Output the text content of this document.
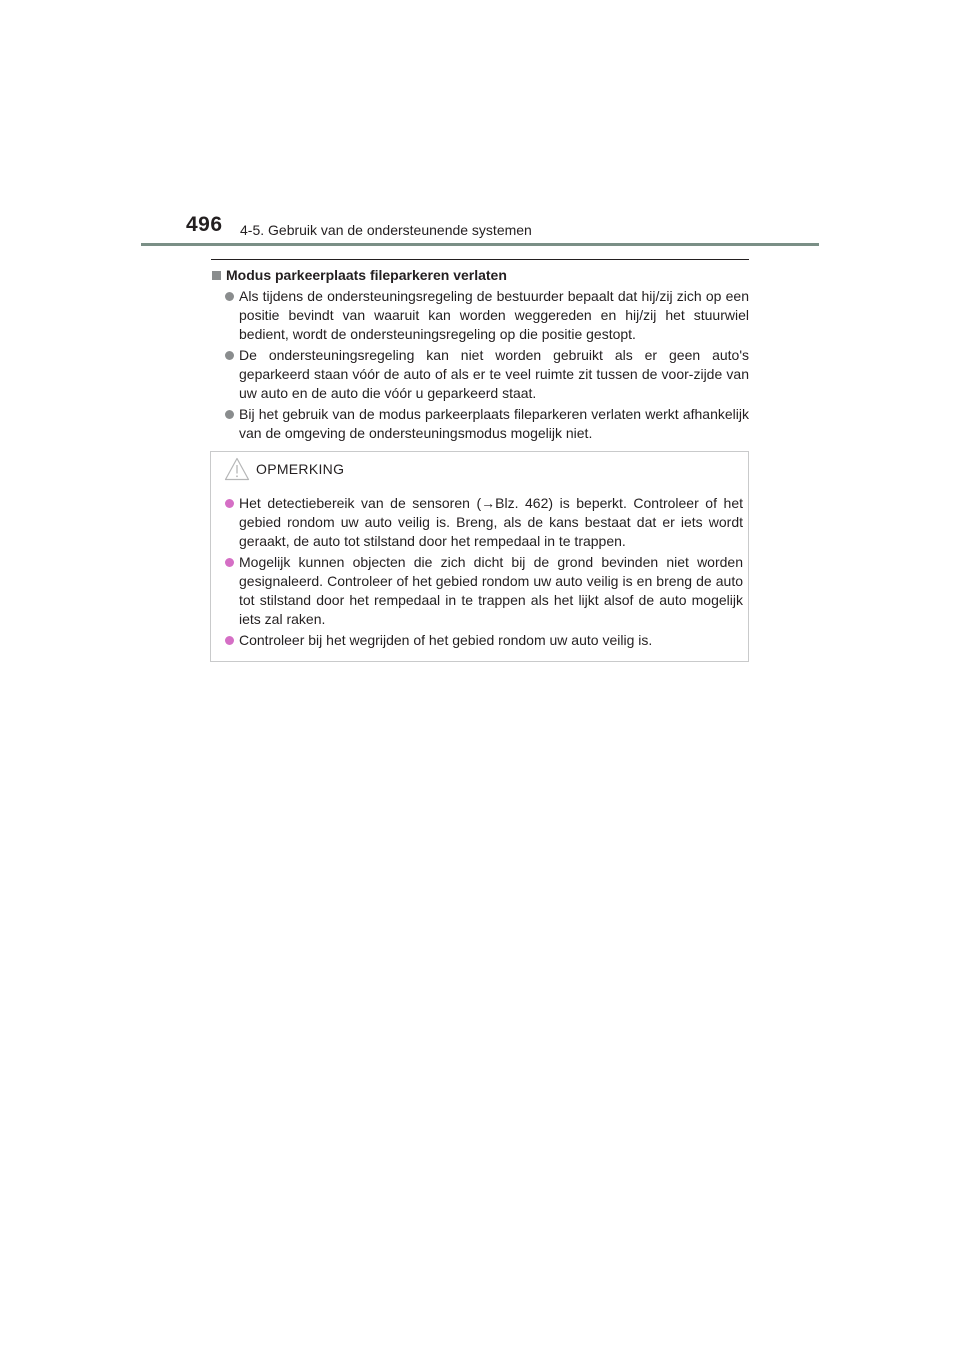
496 4-5. Gebruik van de ondersteunende systemen
Modus parkeerplaats fileparkeren verlaten
Als tijdens de ondersteuningsregeling de bestuurder bepaalt dat hij/zij zich op een positie bevindt van waaruit kan worden weggereden en hij/zij het stuurwiel bedient, wordt de ondersteuningsregeling op die positie gestopt.
De ondersteuningsregeling kan niet worden gebruikt als er geen auto's geparkeerd staan vóór de auto of als er te veel ruimte zit tussen de voor-zijde van uw auto en de auto die vóór u geparkeerd staat.
Bij het gebruik van de modus parkeerplaats fileparkeren verlaten werkt afhankelijk van de omgeving de ondersteuningsmodus mogelijk niet.
OPMERKING
Het detectiebereik van de sensoren (→Blz. 462) is beperkt. Controleer of het gebied rondom uw auto veilig is. Breng, als de kans bestaat dat er iets wordt geraakt, de auto tot stilstand door het rempedaal in te trappen.
Mogelijk kunnen objecten die zich dicht bij de grond bevinden niet worden gesignaleerd. Controleer of het gebied rondom uw auto veilig is en breng de auto tot stilstand door het rempedaal in te trappen als het lijkt alsof de auto mogelijk iets zal raken.
Controleer bij het wegrijden of het gebied rondom uw auto veilig is.
